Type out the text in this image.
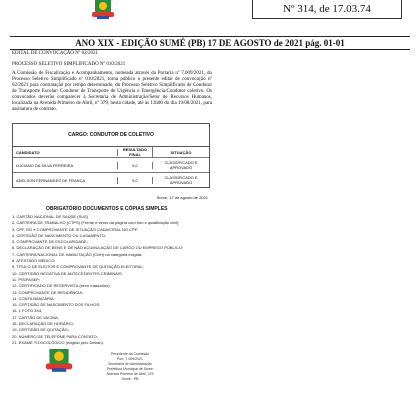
Nº 314, de 17.03.74
ANO XIX - EDIÇÃO SUMÉ (PB) 17 DE AGOSTO de 2021 pág. 01-01
EDITAL DE CONVOCAÇÃO Nº 02/2021
PROCESSO SELETIVO SIMPLIFICADO Nº 010/2021
A Comissão de Fiscalização e Acompanhamento, nomeada através da Portaria nº 7.009/2021, do Processo Seletivo Simplificado nº 010/2021, torna público o presente edital de convocação nº 02/2021 para contratação por tempo determinado, do Processo Seletivo Simplificado de Condutor de Transporte Escolar/ Condutor de Transporte de Urgência e Emergência/Condutor coletivo. Os convocados deverão comparecer à Secretaria de Administração/Setor de Recursos Humanos, localizada na Avenida Primeiro de Abril, nº 379, nesta cidade, até às 13h00 do dia 19/08/2021, para assinatura de contrato.
CARGO: CONDUTOR DE COLETIVO
CANDIDATO	RESULTADO FINAL	SITUAÇÃO
LUCIANO DA SILVA FERREIRA	5,0	CLASSIFICADO E APROVADO
ADELSON FERNANDES DE FRANÇA	5,0	CLASSIFICADO E APROVADO
Sumé, 17 de agosto de 2021
OBRIGATÓRIO DOCUMENTOS E CÓPIAS SIMPLES
1. CARTÃO NACIONAL DE SAÚDE (SUS)
2. CARTEIRA DE TRABALHO (CTPS) (Frente e verso da página com foto e qualificação civil);
3. CPF, RG e COMPROVANTE DE SITUAÇÃO CADASTRAL NO CPF;
4. CERTIDÃO DE NASCIMENTO OU CASAMENTO;
5. COMPROVANTE DE ESCOLARIDADE;
6. DECLARAÇÃO DE BENS E DE NÃO ACUMULAÇÃO DE CARGO OU EMPREGO PÚBLICO;
7. CARTEIRA NACIONAL DE HABILITAÇÃO (CNH) na categoria exigida;
8. ATESTADO MÉDICO;
9. TÍTULO DE ELEITOR E COMPROVANTE DE QUITAÇÃO ELEITORAL;
10. CERTIDÃO NEGATIVA DE ANTECEDENTES CRIMINAIS;
11. PIS/PASEP;
12. CERTIFICADO DE RESERVISTA (sexo masculino);
13. COMPROVANTE DE RESIDÊNCIA;
14. CONTA BANCÁRIA;
15. CERTIDÃO DE NASCIMENTO DOS FILHOS;
16. 1 FOTO 3X4;
17. CARTÃO DE VACINA;
18. DECLARAÇÃO DE HORÁRIO;
19. CERTIDÃO DE QUITAÇÃO;
20. NÚMERO DE TELEFONE PARA CONTATO;
21. EXAME TOXICOLÓGICO (exigido pelo Detran).
Presidente da Comissão
Port. 7.009/2021
Secretaria de Administração
Prefeitura Municipal de Sumé
Avenida Primeiro de Abril, 379
Sumé - PB
